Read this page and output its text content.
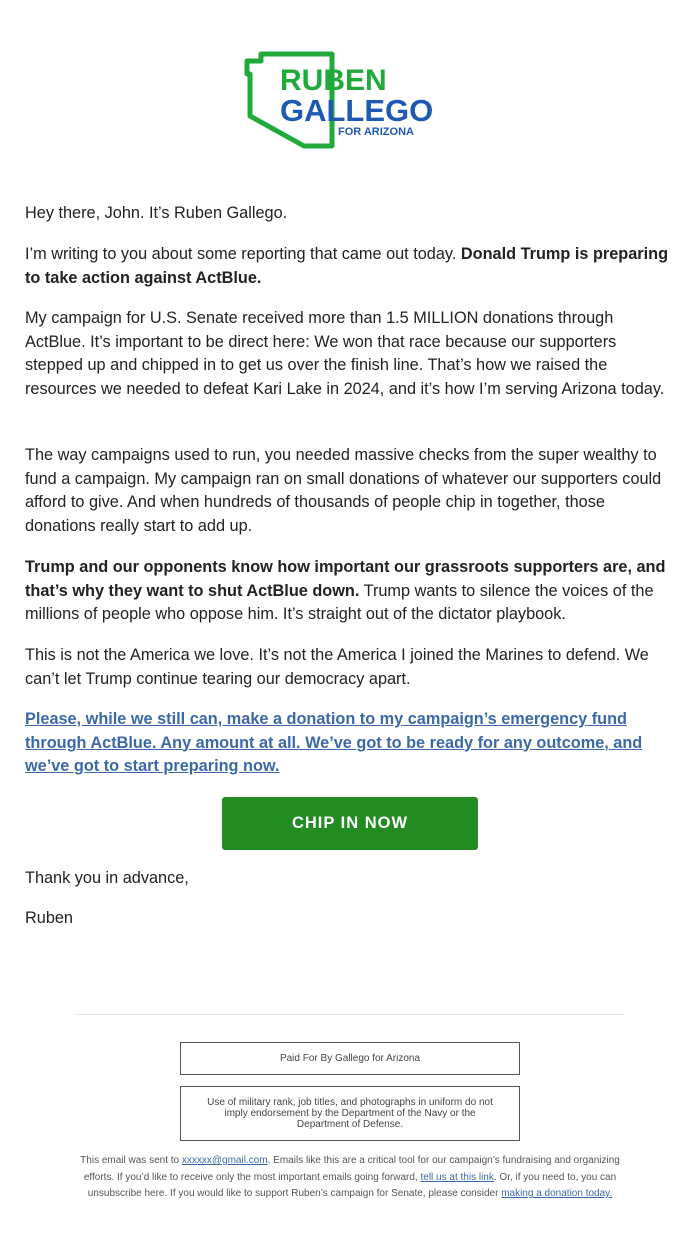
RUBEN
GALLEGO
FOR ARIZONA

Hey there, John. It’s Ruben Gallego.

I’m writing to you about some reporting that came out today. Donald Trump is preparing to take action against ActBlue.

My campaign for U.S. Senate received more than 1.5 MILLION donations through ActBlue. It’s important to be direct here: We won that race because our supporters stepped up and chipped in to get us over the finish line. That’s how we raised the resources we needed to defeat Kari Lake in 2024, and it’s how I’m serving Arizona today.

The way campaigns used to run, you needed massive checks from the super wealthy to fund a campaign. My campaign ran on small donations of whatever our supporters could afford to give. And when hundreds of thousands of people chip in together, those donations really start to add up.

Trump and our opponents know how important our grassroots supporters are, and that’s why they want to shut ActBlue down. Trump wants to silence the voices of the millions of people who oppose him. It’s straight out of the dictator playbook.

This is not the America we love. It’s not the America I joined the Marines to defend. We can’t let Trump continue tearing our democracy apart.

Please, while we still can, make a donation to my campaign’s emergency fund through ActBlue. Any amount at all. We’ve got to be ready for any outcome, and we’ve got to start preparing now.

CHIP IN NOW

Thank you in advance,

Ruben

Paid For By Gallego for Arizona
Use of military rank, job titles, and photographs in uniform do not imply endorsement by the Department of the Navy or the Department of Defense.
This email was sent to xxxxxx@gmail.com. Emails like this are a critical tool for our campaign’s fundraising and organizing efforts. If you’d like to receive only the most important emails going forward, tell us at this link. Or, if you need to, you can unsubscribe here. If you would like to support Ruben’s campaign for Senate, please consider making a donation today.
